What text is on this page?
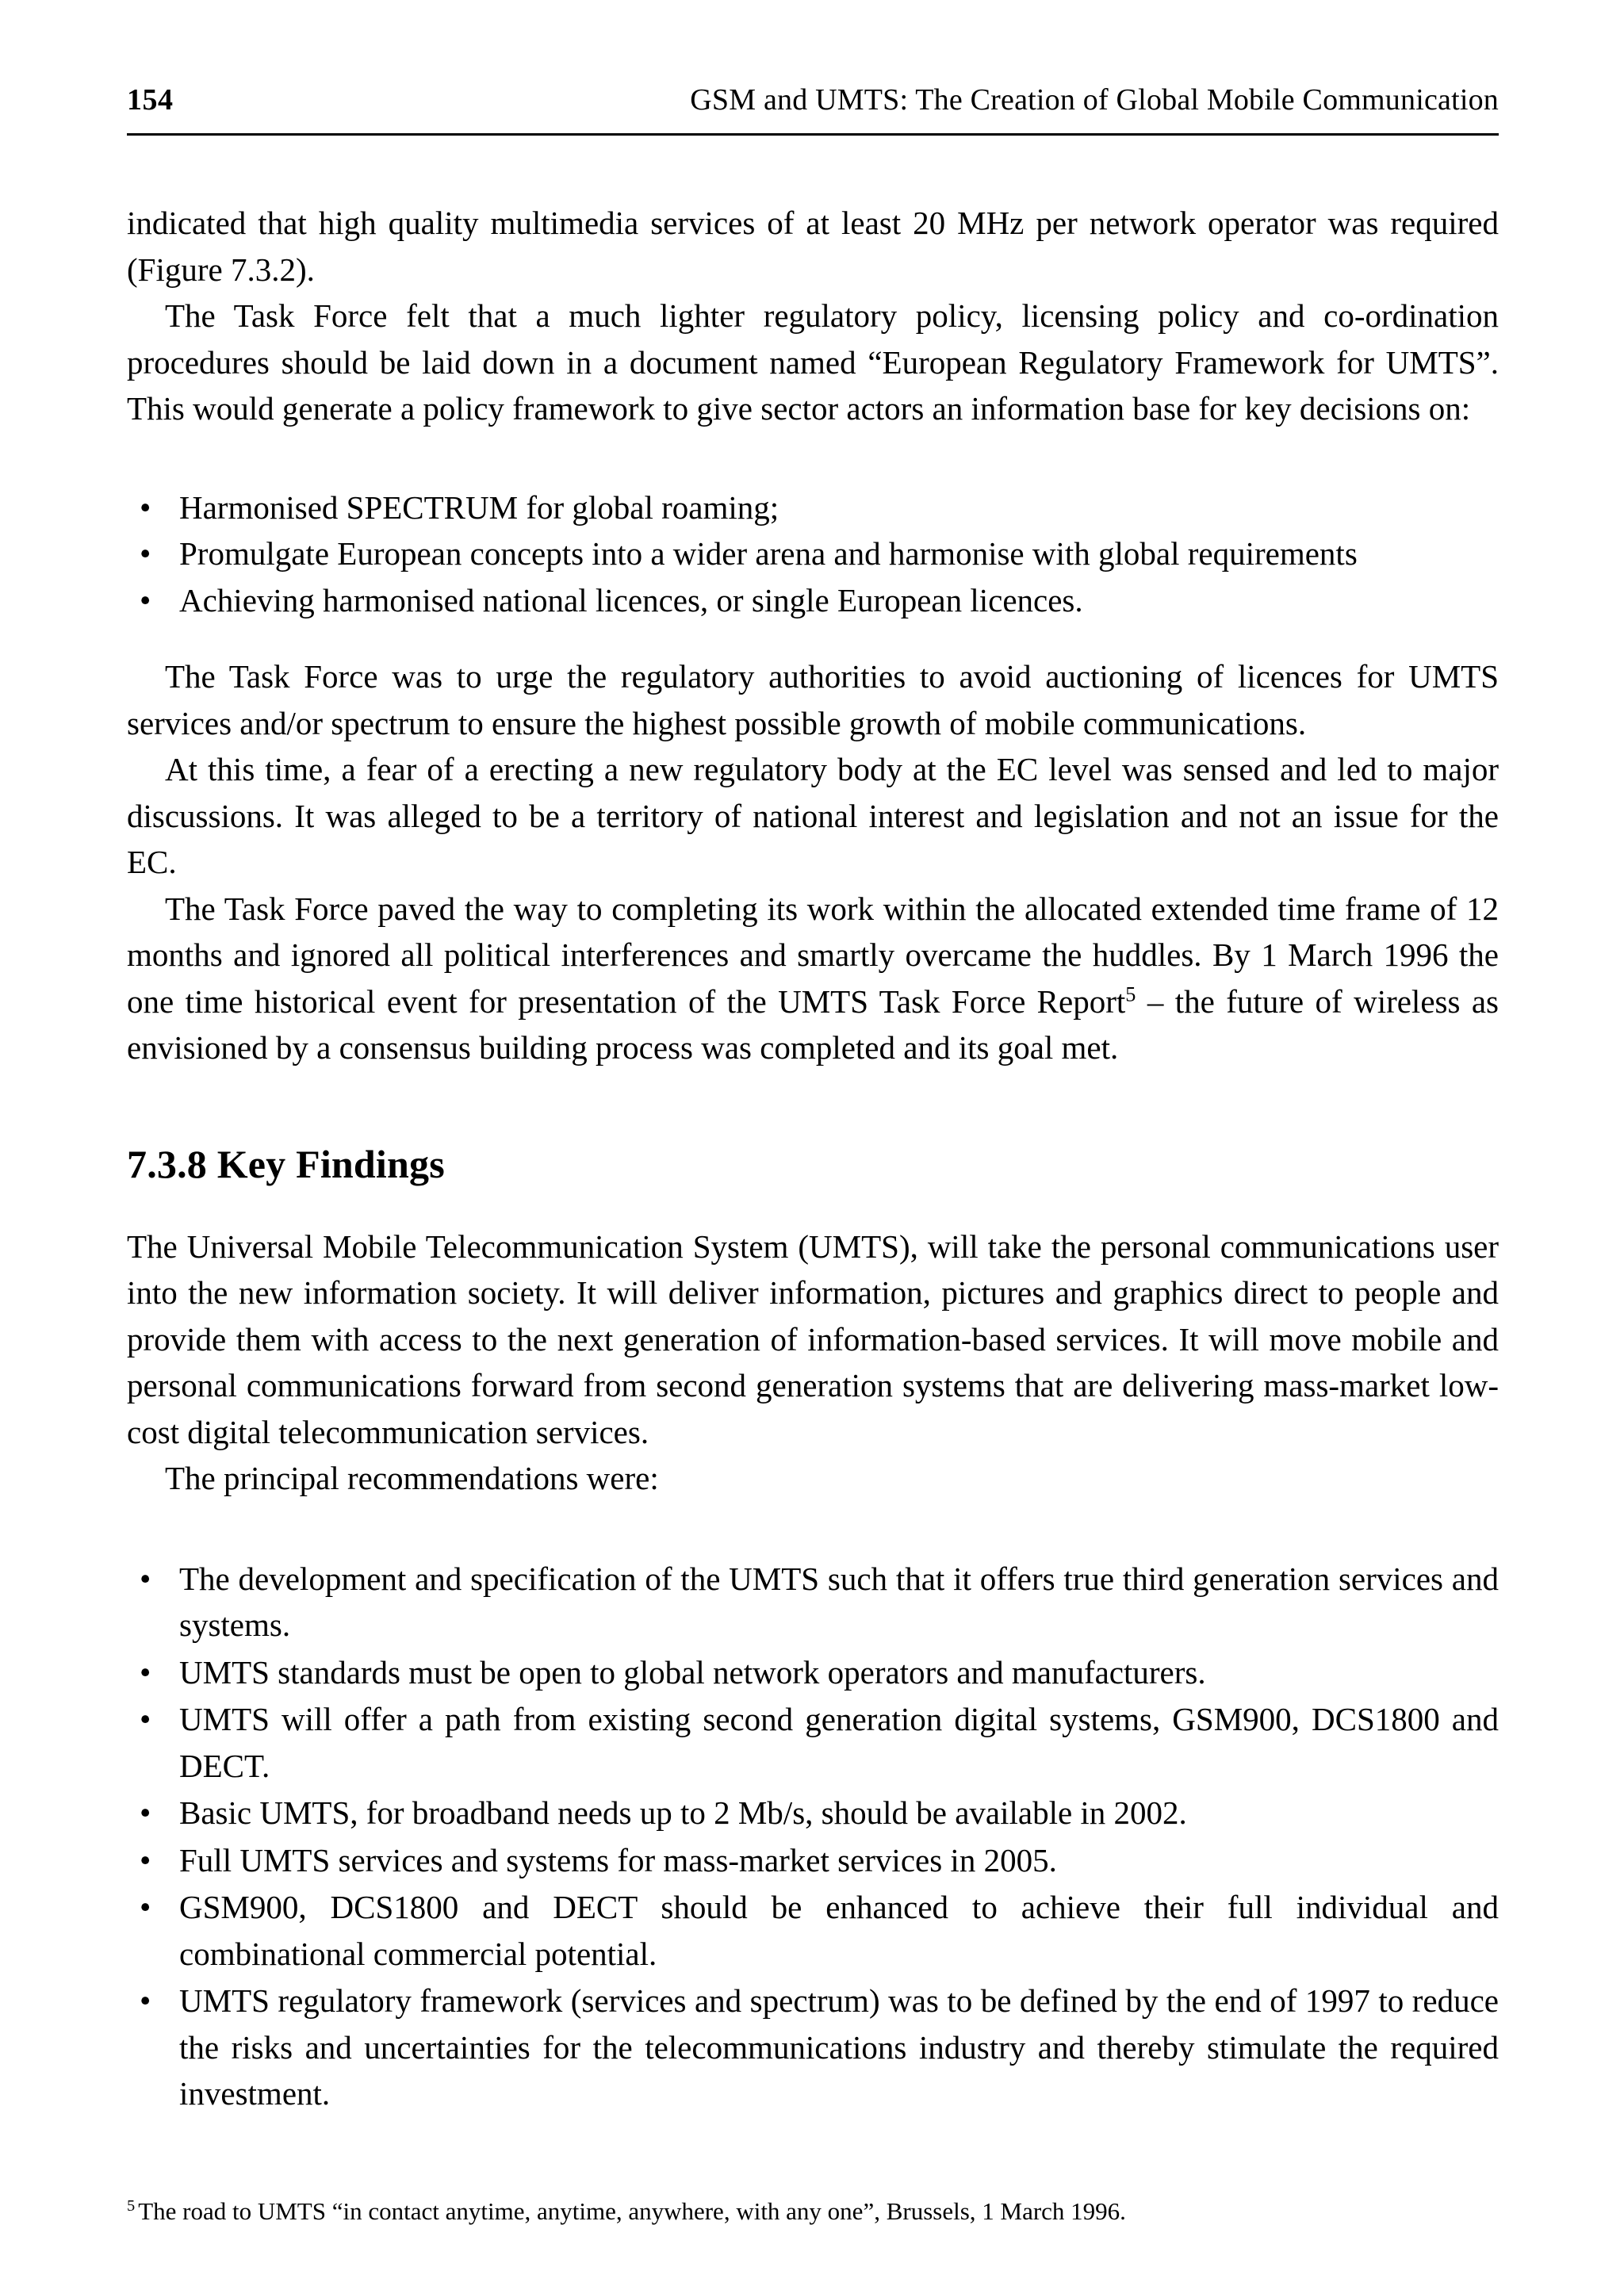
154	GSM and UMTS: The Creation of Global Mobile Communication

indicated that high quality multimedia services of at least 20 MHz per network operator was required (Figure 7.3.2).

The Task Force felt that a much lighter regulatory policy, licensing policy and co-ordination procedures should be laid down in a document named “European Regulatory Framework for UMTS”. This would generate a policy framework to give sector actors an information base for key decisions on:

• Harmonised SPECTRUM for global roaming;
• Promulgate European concepts into a wider arena and harmonise with global requirements
• Achieving harmonised national licences, or single European licences.

The Task Force was to urge the regulatory authorities to avoid auctioning of licences for UMTS services and/or spectrum to ensure the highest possible growth of mobile communications.

At this time, a fear of a erecting a new regulatory body at the EC level was sensed and led to major discussions. It was alleged to be a territory of national interest and legislation and not an issue for the EC.

The Task Force paved the way to completing its work within the allocated extended time frame of 12 months and ignored all political interferences and smartly overcame the huddles. By 1 March 1996 the one time historical event for presentation of the UMTS Task Force Report$^5$ – the future of wireless as envisioned by a consensus building process was completed and its goal met.

7.3.8 Key Findings

The Universal Mobile Telecommunication System (UMTS), will take the personal communications user into the new information society. It will deliver information, pictures and graphics direct to people and provide them with access to the next generation of information-based services. It will move mobile and personal communications forward from second generation systems that are delivering mass-market low-cost digital telecommunication services.

The principal recommendations were:

• The development and specification of the UMTS such that it offers true third generation services and systems.
• UMTS standards must be open to global network operators and manufacturers.
• UMTS will offer a path from existing second generation digital systems, GSM900, DCS1800 and DECT.
• Basic UMTS, for broadband needs up to 2 Mb/s, should be available in 2002.
• Full UMTS services and systems for mass-market services in 2005.
• GSM900, DCS1800 and DECT should be enhanced to achieve their full individual and combinational commercial potential.
• UMTS regulatory framework (services and spectrum) was to be defined by the end of 1997 to reduce the risks and uncertainties for the telecommunications industry and thereby stimulate the required investment.
$^5$ The road to UMTS “in contact anytime, anytime, anywhere, with any one”, Brussels, 1 March 1996.
